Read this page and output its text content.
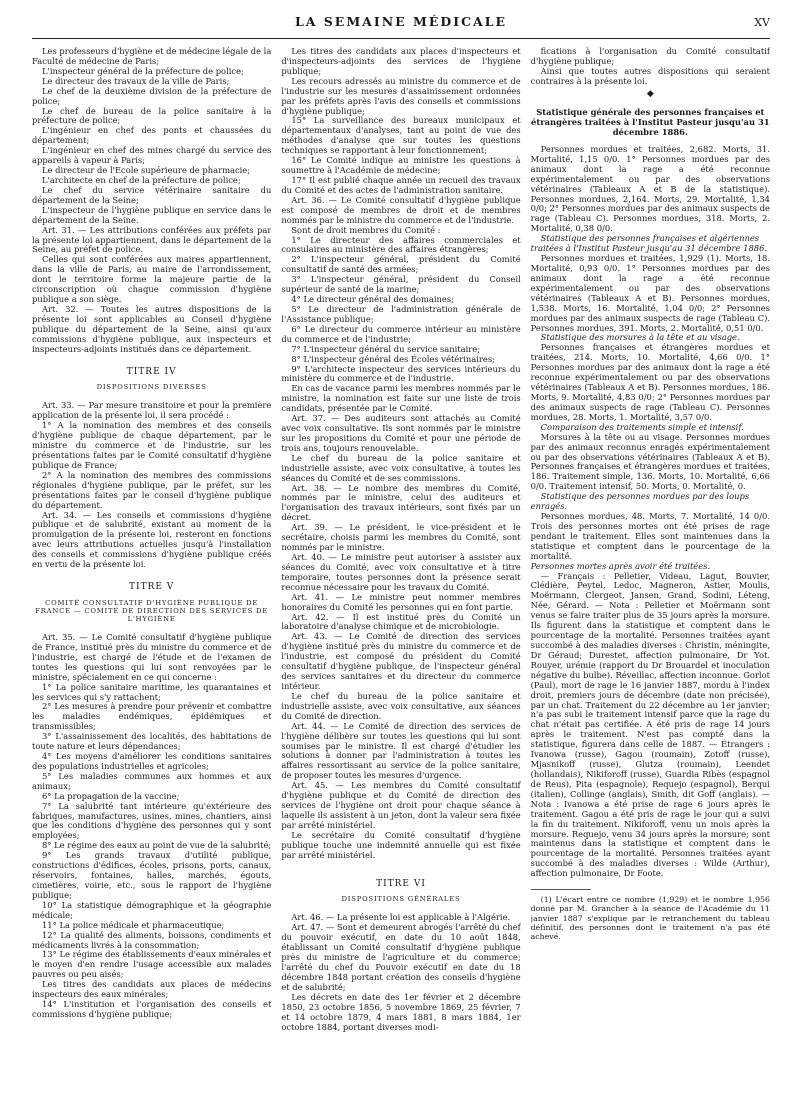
LA SEMAINE MÉDICALE	XV

Les professeurs d'hygiène et de médecine légale de la Faculté de médecine de Paris;

L'inspecteur général de la préfecture de police;

Le directeur des travaux de la ville de Paris;

Le chef de la deuxième division de la préfecture de police;

Le chef de bureau de la police sanitaire à la préfecture de police;

L'ingénieur en chef des ponts et chaussées du département;

L'ingénieur en chef des mines chargé du service des appareils à vapeur à Paris;

Le directeur de l'Ecole supérieure de pharmacie;

L'architecte en chef de la préfecture de police;

Le chef du service vétérinaire sanitaire du département de la Seine;

L'inspecteur de l'hygiène publique en service dans le département de la Seine.

Art. 31. — Les attributions conférées aux préfets par la présente loi appartiennent, dans le département de la Seine, au préfet de police.

Celles qui sont conférées aux maires appartiennent, dans la ville de Paris, au maire de l'arrondissement, dont le territoire forme la majeure partie de la circonscription où chaque commission d'hygiène publique a son siège.

Art. 32. — Toutes les autres dispositions de la présente loi sont applicables au Conseil d'hygiène publique du département de la Seine, ainsi qu'aux commissions d'hygiène publique, aux inspecteurs et inspecteurs-adjoints institués dans ce département.

TITRE IV
DISPOSITIONS DIVERSES

Art. 33. — Par mesure transitoire et pour la première application de la présente loi, il sera procédé :

1° A la nomination des membres et des conseils d'hygiène publique de chaque département, par le ministre du commerce et de l'industrie, sur les présentations faites par le Comité consultatif d'hygiène publique de France;

2° A la nomination des membres des commissions régionales d'hygiène publique, par le préfet, sur les présentations faites par le conseil d'hygiène publique du département.

Art. 34. — Les conseils et commissions d'hygiène publique et de salubrité, existant au moment de la promulgation de la présente loi, resteront en fonctions avec leurs attributions actuelles jusqu'à l'installation des conseils et commissions d'hygiène publique créés en vertu de la présente loi.

TITRE V
COMITÉ CONSULTATIF D'HYGIÈNE PUBLIQUE DE FRANCE — COMITÉ DE DIRECTION DES SERVICES DE L'HYGIÈNE

Art. 35. — Le Comité consultatif d'hygiène publique de France, institué près du ministre du commerce et de l'industrie, est chargé de l'étude et de l'examen de toutes les questions qui lui sont renvoyées par le ministre, spécialement en ce qui concerne :

1° La police sanitaire maritime, les quarantaines et les services qui s'y rattachent;

2° Les mesures à prendre pour prévenir et combattre les maladies endémiques, épidémiques et transmissibles;

3° L'assainissement des localités, des habitations de toute nature et leurs dépendances;

4° Les moyens d'améliorer les conditions sanitaires des populations industrielles et agricoles;

5° Les maladies communes aux hommes et aux animaux;

6° La propagation de la vaccine;

7° La salubrité tant intérieure qu'extérieure des fabriques, manufactures, usines, mines, chantiers, ainsi que les conditions d'hygiène des personnes qui y sont employées;

8° Le régime des eaux au point de vue de la salubrité;

9° Les grands travaux d'utilité publique, constructions d'édifices, écoles, prisons, ports, canaux, réservoirs, fontaines, halles, marchés, égouts, cimetières, voirie, etc., sous le rapport de l'hygiène publique;

10° La statistique démographique et la géographie médicale;

11° La police médicale et pharmaceutique;

12° La qualité des aliments, boissons, condiments et médicaments livrés à la consommation;

13° Le régime des établissements d'eaux minérales et le moyen d'en rendre l'usage accessible aux malades pauvres ou peu aisés;

Les titres des candidats aux places de médecins inspecteurs des eaux minérales;

14° L'institution et l'organisation des conseils et commissions d'hygiène publique;

Les titres des candidats aux places d'inspecteurs et d'inspecteurs-adjoints des services de l'hygiène publique;

Les recours adressés au ministre du commerce et de l'industrie sur les mesures d'assainissement ordonnées par les préfets après l'avis des conseils et commissions d'hygiène publique;

15° La surveillance des bureaux municipaux et départementaux d'analyses, tant au point de vue des méthodes d'analyse que sur toutes les questions techniques se rapportant à leur fonctionnement;

16° Le Comité indique au ministre les questions à soumettre à l'Académie de médecine;

17° Il est publié chaque année un recueil des travaux du Comité et des actes de l'administration sanitaire.

Art. 36. — Le Comité consultatif d'hygiène publique est composé de membres de droit et de membres nommés par le ministre du commerce et de l'industrie.

Sont de droit membres du Comité :

1° Le directeur des affaires commerciales et consulaires au ministère des affaires étrangères;

2° L'inspecteur général, président du Comité consultatif de santé des armées;

3° L'inspecteur général, président du Conseil supérieur de santé de la marine;

4° Le directeur général des domaines;

5° Le directeur de l'administration générale de l'Assistance publique;

6° Le directeur du commerce intérieur au ministère du commerce et de l'industrie;

7° L'inspecteur général du service sanitaire;

8° L'inspecteur général des Écoles vétérinaires;

9° L'architecte inspecteur des services intérieurs du ministère du commerce et de l'industrie.

En cas de vacance parmi les membres nommés par le ministre, la nomination est faite sur une liste de trois candidats, présentée par le Comité.

Art. 37. — Des auditeurs sont attachés au Comité avec voix consultative. Ils sont nommés par le ministre sur les propositions du Comité et pour une période de trois ans, toujours renouvelable.

Le chef du bureau de la police sanitaire et industrielle assiste, avec voix consultative, à toutes les séances du Comité et de ses commissions.

Art. 38. — Le nombre des membres du Comité, nommés par le ministre, celui des auditeurs et l'organisation des travaux intérieurs, sont fixés par un décret.

Art. 39. — Le président, le vice-président et le secrétaire, choisis parmi les membres du Comité, sont nommés par le ministre.

Art. 40. — Le ministre peut autoriser à assister aux séances du Comité, avec voix consultative et à titre temporaire, toutes personnes dont la présence serait reconnue nécessaire pour les travaux du Comité.

Art. 41. — Le ministre peut nommer membres honoraires du Comité les personnes qui en font partie.

Art. 42. — Il est institué près du Comité un laboratoire d'analyse chimique et de microbiologie.

Art. 43. — Le Comité de direction des services d'hygiène institué près du ministre du commerce et de l'industrie, est composé du président du Comité consultatif d'hygiène publique, de l'inspecteur général des services sanitaires et du directeur du commerce intérieur.

Le chef du bureau de la police sanitaire et industrielle assiste, avec voix consultative, aux séances du Comité de direction.

Art. 44. — Le Comité de direction des services de l'hygiène délibère sur toutes les questions qui lui sont soumises par le ministre. Il est chargé d'étudier les solutions à donner par l'administration à toutes les affaires ressortissant au service de la police sanitaire, de proposer toutes les mesures d'urgence.

Art. 45. — Les membres du Comité consultatif d'hygiène publique et du Comité de direction des services de l'hygiène ont droit pour chaque séance à laquelle ils assistent à un jeton, dont la valeur sera fixée par arrêté ministériel.

Le secrétaire du Comité consultatif d'hygiène publique touche une indemnité annuelle qui est fixée par arrêté ministériel.

TITRE VI
DISPOSITIONS GÉNÉRALES

Art. 46. — La présente loi est applicable à l'Algérie.

Art. 47. — Sont et demeurent abrogés l'arrêté du chef du pouvoir exécutif, en date du 10 août 1848, établissant un Comité consultatif d'hygiène publique près du ministre de l'agriculture et du commerce; l'arrêté du chef du Pouvoir exécutif en date du 18 décembre 1848 portant création des conseils d'hygiène et de salubrité;

Les décrets en date des 1er février et 2 décembre 1850, 23 octobre 1856, 5 novembre 1869, 25 février, 7 et 14 octobre 1879, 4 mars 1881, 8 mars 1884, 1er octobre 1884, portant diverses modi-

fications à l'organisation du Comité consultatif d'hygiène publique;

Ainsi que toutes autres dispositions qui seraient contraires à la présente loi.

◆
Statistique générale des personnes françaises et étrangères traitées à l'Institut Pasteur jusqu'au 31 décembre 1886.

Personnes mordues et traitées, 2,682. Morts, 31. Mortalité, 1,15 0/0. 1° Personnes mordues par des animaux dont la rage a été reconnue expérimentalement ou par des observations vétérinaires (Tableaux A et B de la statistique). Personnes mordues, 2,164. Morts, 29. Mortalité, 1,34 0/0; 2° Personnes mordues par des animaux suspects de rage (Tableau C). Personnes mordues, 318. Morts, 2. Mortalité, 0,38 0/0.

Statistique des personnes françaises et algériennes traitées à l'Institut Pasteur jusqu'au 31 décembre 1886.

Personnes mordues et traitées, 1,929 (1). Morts, 18. Mortalité, 0,93 0/0. 1° Personnes mordues par des animaux dont la rage a été reconnue expérimentalement ou par des observations vétérinaires (Tableaux A et B). Personnes mordues, 1,538. Morts, 16. Mortalité, 1,04 0/0; 2° Personnes mordues par des animaux suspects de rage (Tableau C). Personnes mordues, 391. Morts, 2. Mortalité, 0,51 0/0.

Statistique des morsures à la tête et au visage.

Personnes françaises et étrangères mordues et traitées, 214. Morts, 10. Mortalité, 4,66 0/0. 1° Personnes mordues par des animaux dont la rage a été reconnue expérimentalement ou par des observations vétérinaires (Tableaux A et B). Personnes mordues, 186. Morts, 9. Mortalité, 4,83 0/0; 2° Personnes mordues par des animaux suspects de rage (Tableau C). Personnes mordues, 28. Morts, 1. Mortalité, 3,57 0/0.

Comparaison des traitements simple et intensif.

Morsures à la tête ou au visage. Personnes mordues par des animaux reconnus enragés expérimentalement ou par des observations vétérinaires (Tableaux A et B). Personnes françaises et étrangères mordues et traitées, 186. Traitement simple, 136. Morts, 10. Mortalité, 6,66 0/0. Traitement intensif, 50. Morts, 0. Mortalité, 0.

Statistique des personnes mordues par des loups enragés.

Personnes mordues, 48. Morts, 7. Mortalité, 14 0/0. Trois des personnes mortes ont été prises de rage pendant le traitement. Elles sont maintenues dans la statistique et comptent dans le pourcentage de la mortalité.

Personnes mortes après avoir été traitées.

— Français : Pelletier, Videau, Lagut, Bouvier, Clédière, Peytel, Ledoc, Magneron, Astier, Moulis, Moërmann, Clergeot, Jansen, Grand, Sodini, Léteng, Née, Gérard. — Nota : Pelletier et Moërmann sont venus se faire traiter plus de 35 jours après la morsure. Ils figurent dans la statistique et comptent dans le pourcentage de la mortalité. Personnes traitées ayant succombé à des maladies diverses : Christin, méningite, Dr Géraud; Durestet, affection pulmonaire, Dr Yot. Rouyer, urémie (rapport du Dr Brouardel et inoculation négative du bulbe). Réveillac, affection inconnue. Gorlot (Paul), mort de rage le 16 janvier 1887, mordu à l'index droit, premiers jours de décembre (date non précisée), par un chat. Traitement du 22 décembre au 1er janvier; n'a pas subi le traitement intensif parce que la rage du chat n'était pas certifiée. A été pris de rage 14 jours après le traitement. N'est pas compté dans la statistique, figurera dans celle de 1887. — Étrangers : Ivanowa (russe), Gagou (roumain), Zotoff (russe), Mjasnikoff (russe), Glutza (roumain), Leendet (hollandais), Nikiforoff (russe), Guardia Ribès (espagnol de Reus), Pita (espagnole), Requejo (espagnol), Berqui (italien), Collinge (anglais), Smith, dit Goff (anglais). — Nota : Ivanowa a été prise de rage 6 jours après le traitement. Gagou a été pris de rage le jour qui a suivi la fin du traitement. Nikiforoff, venu un mois après la morsure. Requejo, venu 34 jours après la morsure; sont maintenus dans la statistique et comptent dans le pourcentage de la mortalité. Personnes traitées ayant succombé à des maladies diverses : Wilde (Arthur), affection pulmonaire, Dr Foote.

(1) L'écart entre ce nombre (1,929) et le nombre 1,956 donné par M. Grancher à la séance de l'Académie du 11 janvier 1887 s'explique par le retranchement du tableau définitif, des personnes dont le traitement n'a pas été achevé.
